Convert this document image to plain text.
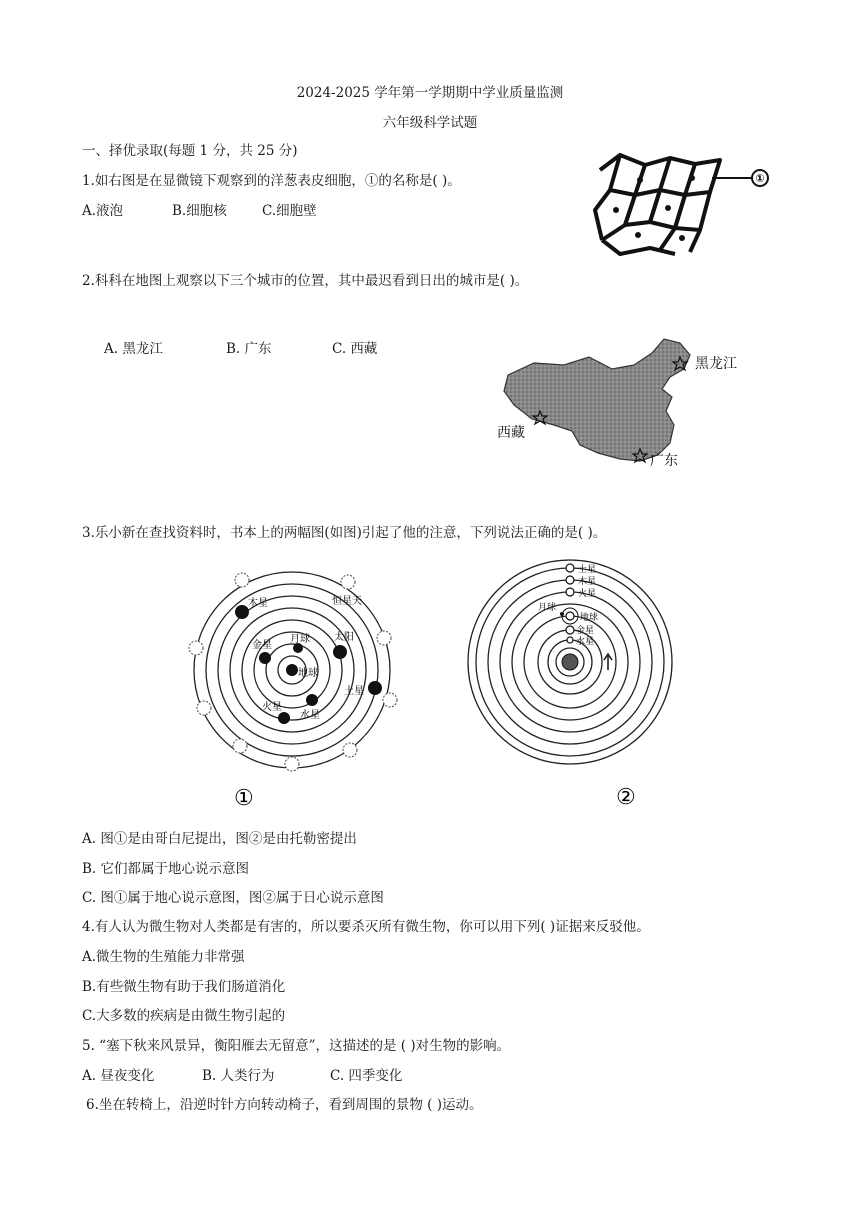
2024-2025 学年第一学期期中学业质量监测
六年级科学试题
一、择优录取(每题 1 分，共 25 分)
1.如右图是在显微镜下观察到的洋葱表皮细胞，①的名称是( )。
A.液泡	B.细胞核	C.细胞壁
①
2.科科在地图上观察以下三个城市的位置，其中最迟看到日出的城市是( )。
A. 黑龙江	B. 广东	C. 西藏
黑龙江
西藏
广东
3.乐小新在查找资料时，书本上的两幅图(如图)引起了他的注意，下列说法正确的是( )。
木星	恒星天
月球 太阳
金星
地球
土星
火星
水星
①
土星
木星
火星
地球
月球
金星
水星
②
A. 图①是由哥白尼提出，图②是由托勒密提出
B. 它们都属于地心说示意图
C. 图①属于地心说示意图，图②属于日心说示意图
4.有人认为微生物对人类都是有害的，所以要杀灭所有微生物，你可以用下列( )证据来反驳他。
A.微生物的生殖能力非常强
B.有些微生物有助于我们肠道消化
C.大多数的疾病是由微生物引起的
5. “塞下秋来风景异，衡阳雁去无留意”，这描述的是 ( )对生物的影响。
A. 昼夜变化	B. 人类行为	C. 四季变化
6.坐在转椅上，沿逆时针方向转动椅子，看到周围的景物 ( )运动。
